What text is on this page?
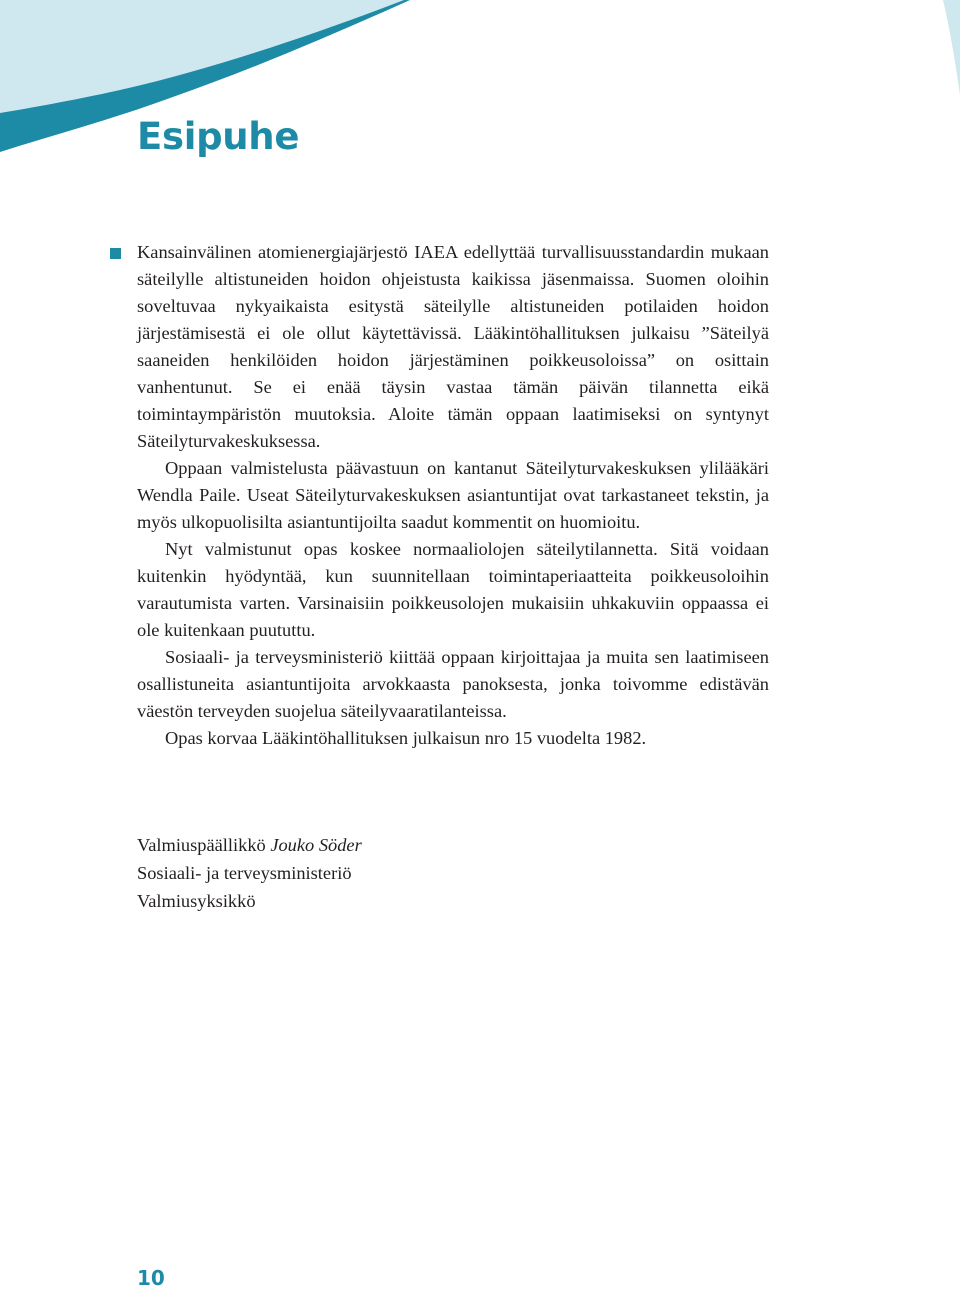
Esipuhe

Kansainvälinen atomienergiajärjestö IAEA edellyttää turvallisuusstandardin mukaan säteilylle altistuneiden hoidon ohjeistusta kaikissa jäsenmaissa. Suomen oloihin soveltuvaa nykyaikaista esitystä säteilylle altistuneiden potilaiden hoidon järjestämisestä ei ole ollut käytettävissä. Lääkintöhallituksen julkaisu ”Säteilyä saaneiden henkilöiden hoidon järjestäminen poikkeusoloissa” on osittain vanhentunut. Se ei enää täysin vastaa tämän päivän tilannetta eikä toimintaympäristön muutoksia. Aloite tämän oppaan laatimiseksi on syntynyt Säteilyturvakeskuksessa.

Oppaan valmistelusta päävastuun on kantanut Säteilyturvakeskuksen ylilääkäri Wendla Paile. Useat Säteilyturvakeskuksen asiantuntijat ovat tarkastaneet tekstin, ja myös ulkopuolisilta asiantuntijoilta saadut kommentit on huomioitu.

Nyt valmistunut opas koskee normaaliolojen säteilytilannetta. Sitä voidaan kuitenkin hyödyntää, kun suunnitellaan toimintaperiaatteita poikkeusoloihin varautumista varten. Varsinaisiin poikkeusolojen mukaisiin uhkakuviin oppaassa ei ole kuitenkaan puututtu.

Sosiaali- ja terveysministeriö kiittää oppaan kirjoittajaa ja muita sen laatimiseen osallistuneita asiantuntijoita arvokkaasta panoksesta, jonka toivomme edistävän väestön terveyden suojelua säteilyvaaratilanteissa.

Opas korvaa Lääkintöhallituksen julkaisun nro 15 vuodelta 1982.

Valmiuspäällikkö Jouko Söder
Sosiaali- ja terveysministeriö
Valmiusyksikkö
10
